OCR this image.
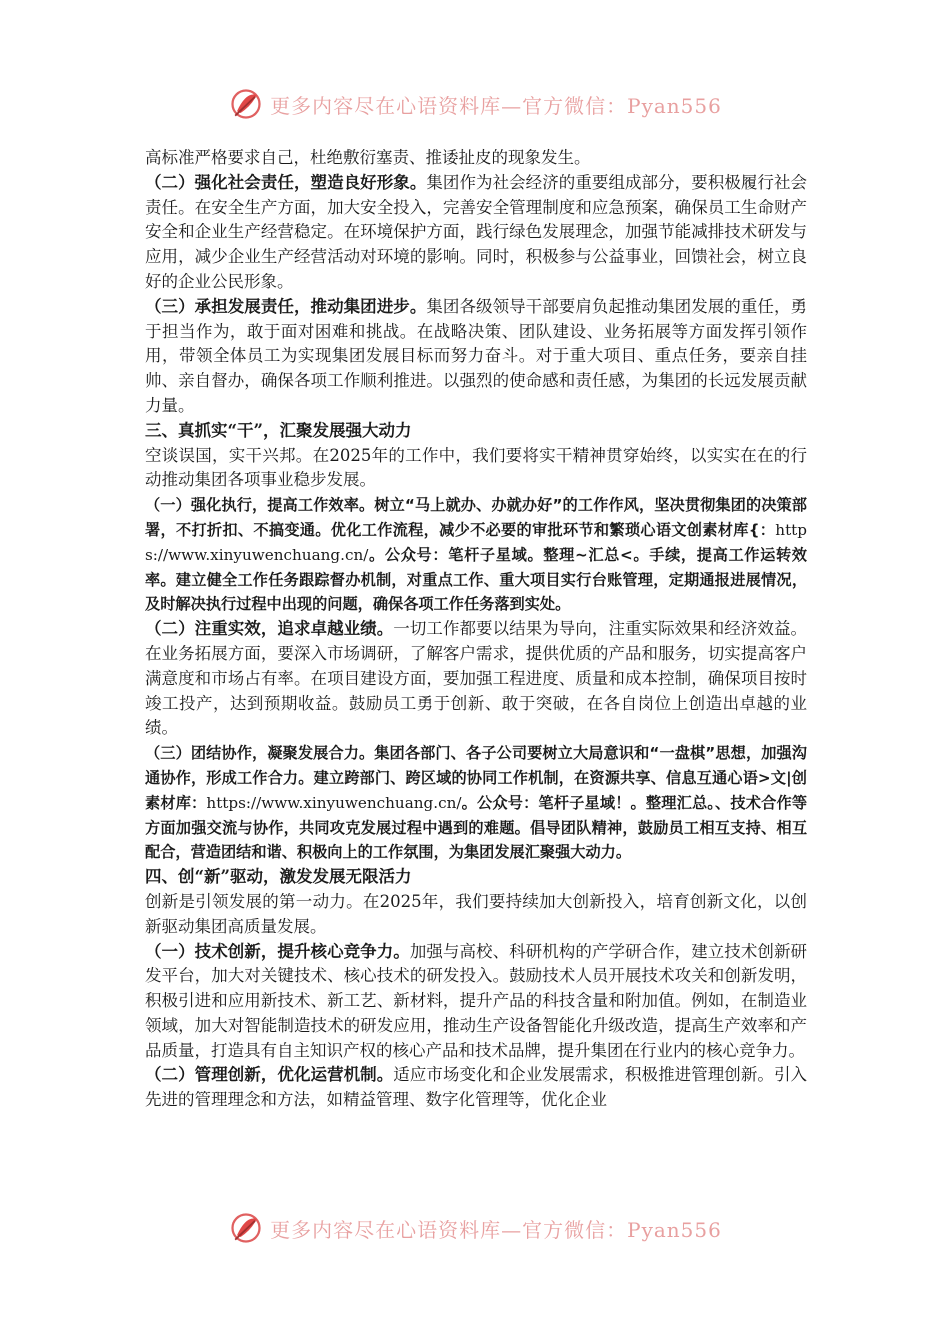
更多内容尽在心语资料库—官方微信：Pyan556

高标准严格要求自己，杜绝敷衍塞责、推诿扯皮的现象发生。

（二）强化社会责任，塑造良好形象。集团作为社会经济的重要组成部分，要积极履行社会责任。在安全生产方面，加大安全投入，完善安全管理制度和应急预案，确保员工生命财产安全和企业生产经营稳定。在环境保护方面，践行绿色发展理念，加强节能减排技术研发与应用，减少企业生产经营活动对环境的影响。同时，积极参与公益事业，回馈社会，树立良好的企业公民形象。

（三）承担发展责任，推动集团进步。集团各级领导干部要肩负起推动集团发展的重任，勇于担当作为，敢于面对困难和挑战。在战略决策、团队建设、业务拓展等方面发挥引领作用，带领全体员工为实现集团发展目标而努力奋斗。对于重大项目、重点任务，要亲自挂帅、亲自督办，确保各项工作顺利推进。以强烈的使命感和责任感，为集团的长远发展贡献力量。

三、真抓实“干”，汇聚发展强大动力

空谈误国，实干兴邦。在2025年的工作中，我们要将实干精神贯穿始终，以实实在在的行动推动集团各项事业稳步发展。

（一）强化执行，提高工作效率。树立“马上就办、办就办好”的工作作风，坚决贯彻集团的决策部署，不打折扣、不搞变通。优化工作流程，减少不必要的审批环节和繁琐心语文创素材库{：https://www.xinyuwenchuang.cn/。公众号：笔杆子星域。整理~汇总<。手续，提高工作运转效率。建立健全工作任务跟踪督办机制，对重点工作、重大项目实行台账管理，定期通报进展情况，及时解决执行过程中出现的问题，确保各项工作任务落到实处。

（二）注重实效，追求卓越业绩。一切工作都要以结果为导向，注重实际效果和经济效益。在业务拓展方面，要深入市场调研，了解客户需求，提供优质的产品和服务，切实提高客户满意度和市场占有率。在项目建设方面，要加强工程进度、质量和成本控制，确保项目按时竣工投产，达到预期收益。鼓励员工勇于创新、敢于突破，在各自岗位上创造出卓越的业绩。

（三）团结协作，凝聚发展合力。集团各部门、各子公司要树立大局意识和“一盘棋”思想，加强沟通协作，形成工作合力。建立跨部门、跨区域的协同工作机制，在资源共享、信息互通心语>文|创素材库：https://www.xinyuwenchuang.cn/。公众号：笔杆子星域！。整理汇总。、技术合作等方面加强交流与协作，共同攻克发展过程中遇到的难题。倡导团队精神，鼓励员工相互支持、相互配合，营造团结和谐、积极向上的工作氛围，为集团发展汇聚强大动力。

四、创“新”驱动，激发发展无限活力

创新是引领发展的第一动力。在2025年，我们要持续加大创新投入，培育创新文化，以创新驱动集团高质量发展。

（一）技术创新，提升核心竞争力。加强与高校、科研机构的产学研合作，建立技术创新研发平台，加大对关键技术、核心技术的研发投入。鼓励技术人员开展技术攻关和创新发明，积极引进和应用新技术、新工艺、新材料，提升产品的科技含量和附加值。例如，在制造业领域，加大对智能制造技术的研发应用，推动生产设备智能化升级改造，提高生产效率和产品质量，打造具有自主知识产权的核心产品和技术品牌，提升集团在行业内的核心竞争力。

（二）管理创新，优化运营机制。适应市场变化和企业发展需求，积极推进管理创新。引入先进的管理理念和方法，如精益管理、数字化管理等，优化企业

更多内容尽在心语资料库—官方微信：Pyan556
